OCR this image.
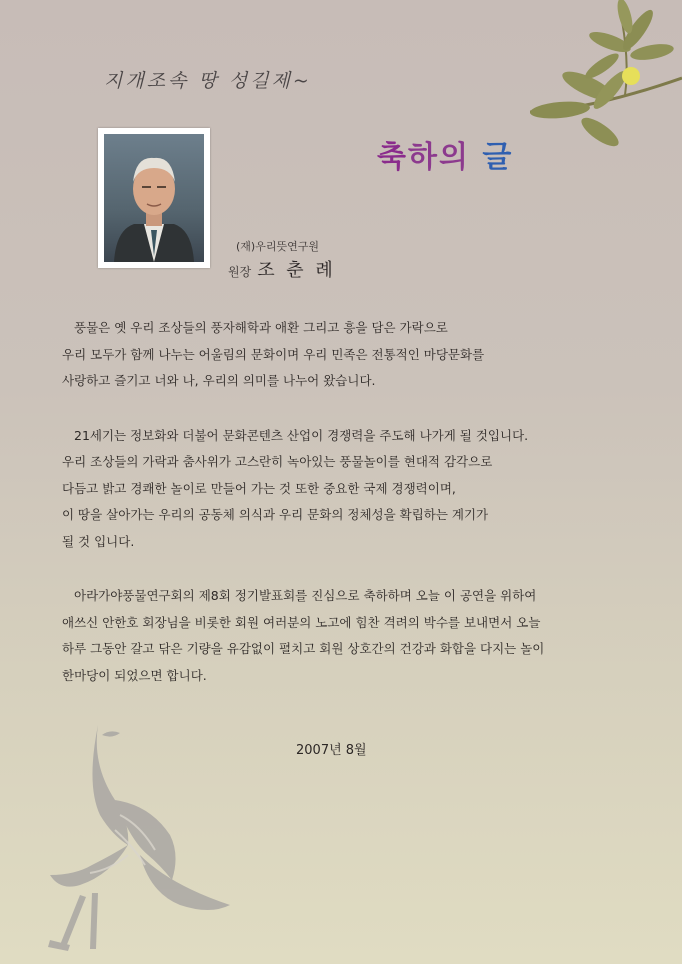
지개조속 땅 성길제~
축하의 글
(재)우리뜻연구원
원장 조 춘 례

풍물은 옛 우리 조상들의 풍자해학과 애환 그리고 흥을 담은 가락으로
우리 모두가 함께 나누는 어울림의 문화이며 우리 민족은 전통적인 마당문화를
사랑하고 즐기고 너와 나, 우리의 의미를 나누어 왔습니다.

21세기는 정보화와 더불어 문화콘텐츠 산업이 경쟁력을 주도해 나가게 될 것입니다.
우리 조상들의 가락과 춤사위가 고스란히 녹아있는 풍물놀이를 현대적 감각으로
다듬고 밝고 경쾌한 놀이로 만들어 가는 것 또한 중요한 국제 경쟁력이며,
이 땅을 살아가는 우리의 공동체 의식과 우리 문화의 정체성을 확립하는 계기가
될 것 입니다.

아라가야풍물연구회의 제8회 정기발표회를 진심으로 축하하며 오늘 이 공연을 위하여
애쓰신 안한호 회장님을 비롯한 회원 여러분의 노고에 힘찬 격려의 박수를 보내면서 오늘
하루 그동안 갈고 닦은 기량을 유감없이 펼치고 회원 상호간의 건강과 화합을 다지는 놀이
한마당이 되었으면 합니다.

2007년 8월
